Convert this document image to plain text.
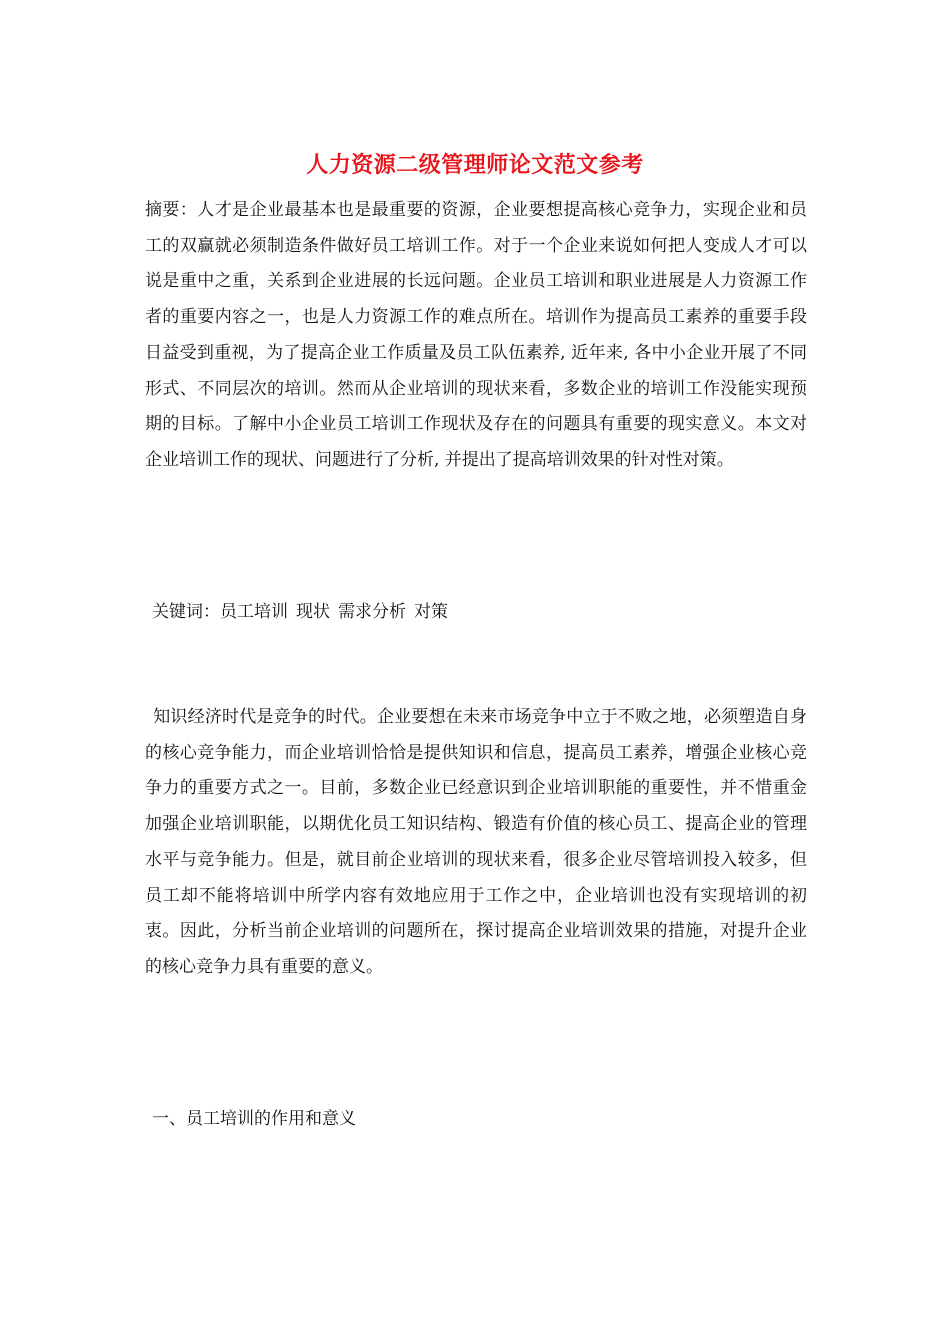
人力资源二级管理师论文范文参考

摘要：人才是企业最基本也是最重要的资源，企业要想提高核心竞争力，实现企业和员工的双赢就必须制造条件做好员工培训工作。对于一个企业来说如何把人变成人才可以说是重中之重，关系到企业进展的长远问题。企业员工培训和职业进展是人力资源工作者的重要内容之一，也是人力资源工作的难点所在。培训作为提高员工素养的重要手段日益受到重视，为了提高企业工作质量及员工队伍素养, 近年来, 各中小企业开展了不同形式、不同层次的培训。然而从企业培训的现状来看，多数企业的培训工作没能实现预期的目标。了解中小企业员工培训工作现状及存在的问题具有重要的现实意义。本文对企业培训工作的现状、问题进行了分析, 并提出了提高培训效果的针对性对策。

关键词：员工培训 现状 需求分析 对策

知识经济时代是竞争的时代。企业要想在未来市场竞争中立于不败之地，必须塑造自身的核心竞争能力，而企业培训恰恰是提供知识和信息，提高员工素养，增强企业核心竞争力的重要方式之一。目前，多数企业已经意识到企业培训职能的重要性，并不惜重金加强企业培训职能，以期优化员工知识结构、锻造有价值的核心员工、提高企业的管理水平与竞争能力。但是，就目前企业培训的现状来看，很多企业尽管培训投入较多，但员工却不能将培训中所学内容有效地应用于工作之中，企业培训也没有实现培训的初衷。因此，分析当前企业培训的问题所在，探讨提高企业培训效果的措施，对提升企业的核心竞争力具有重要的意义。

一、员工培训的作用和意义
